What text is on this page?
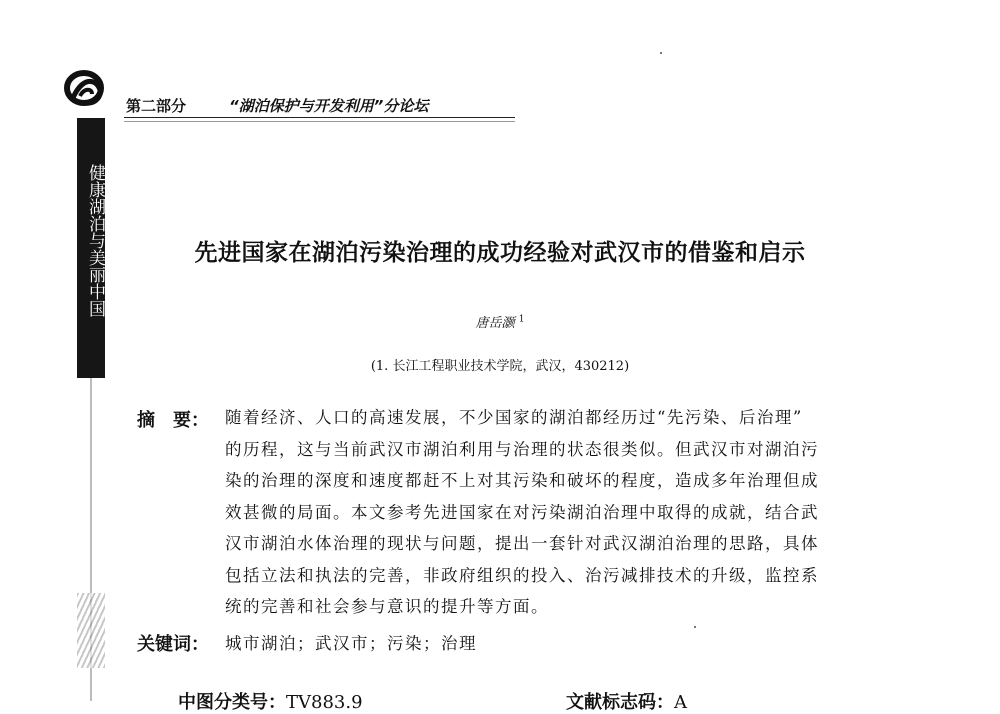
健康湖泊与美丽中国
第二部分	“湖泊保护与开发利用”分论坛
先进国家在湖泊污染治理的成功经验对武汉市的借鉴和启示
唐岳灏 $^1$
(1. 长江工程职业技术学院，武汉，430212)
摘　要： 随着经济、人口的高速发展，不少国家的湖泊都经历过“先污染、后治理”
的历程，这与当前武汉市湖泊利用与治理的状态很类似。但武汉市对湖泊污
染的治理的深度和速度都赶不上对其污染和破坏的程度，造成多年治理但成
效甚微的局面。本文参考先进国家在对污染湖泊治理中取得的成就，结合武
汉市湖泊水体治理的现状与问题，提出一套针对武汉湖泊治理的思路，具体
包括立法和执法的完善，非政府组织的投入、治污减排技术的升级，监控系
统的完善和社会参与意识的提升等方面。
关键词： 城市湖泊；武汉市；污染；治理
中图分类号：TV883.9	文献标志码：A
